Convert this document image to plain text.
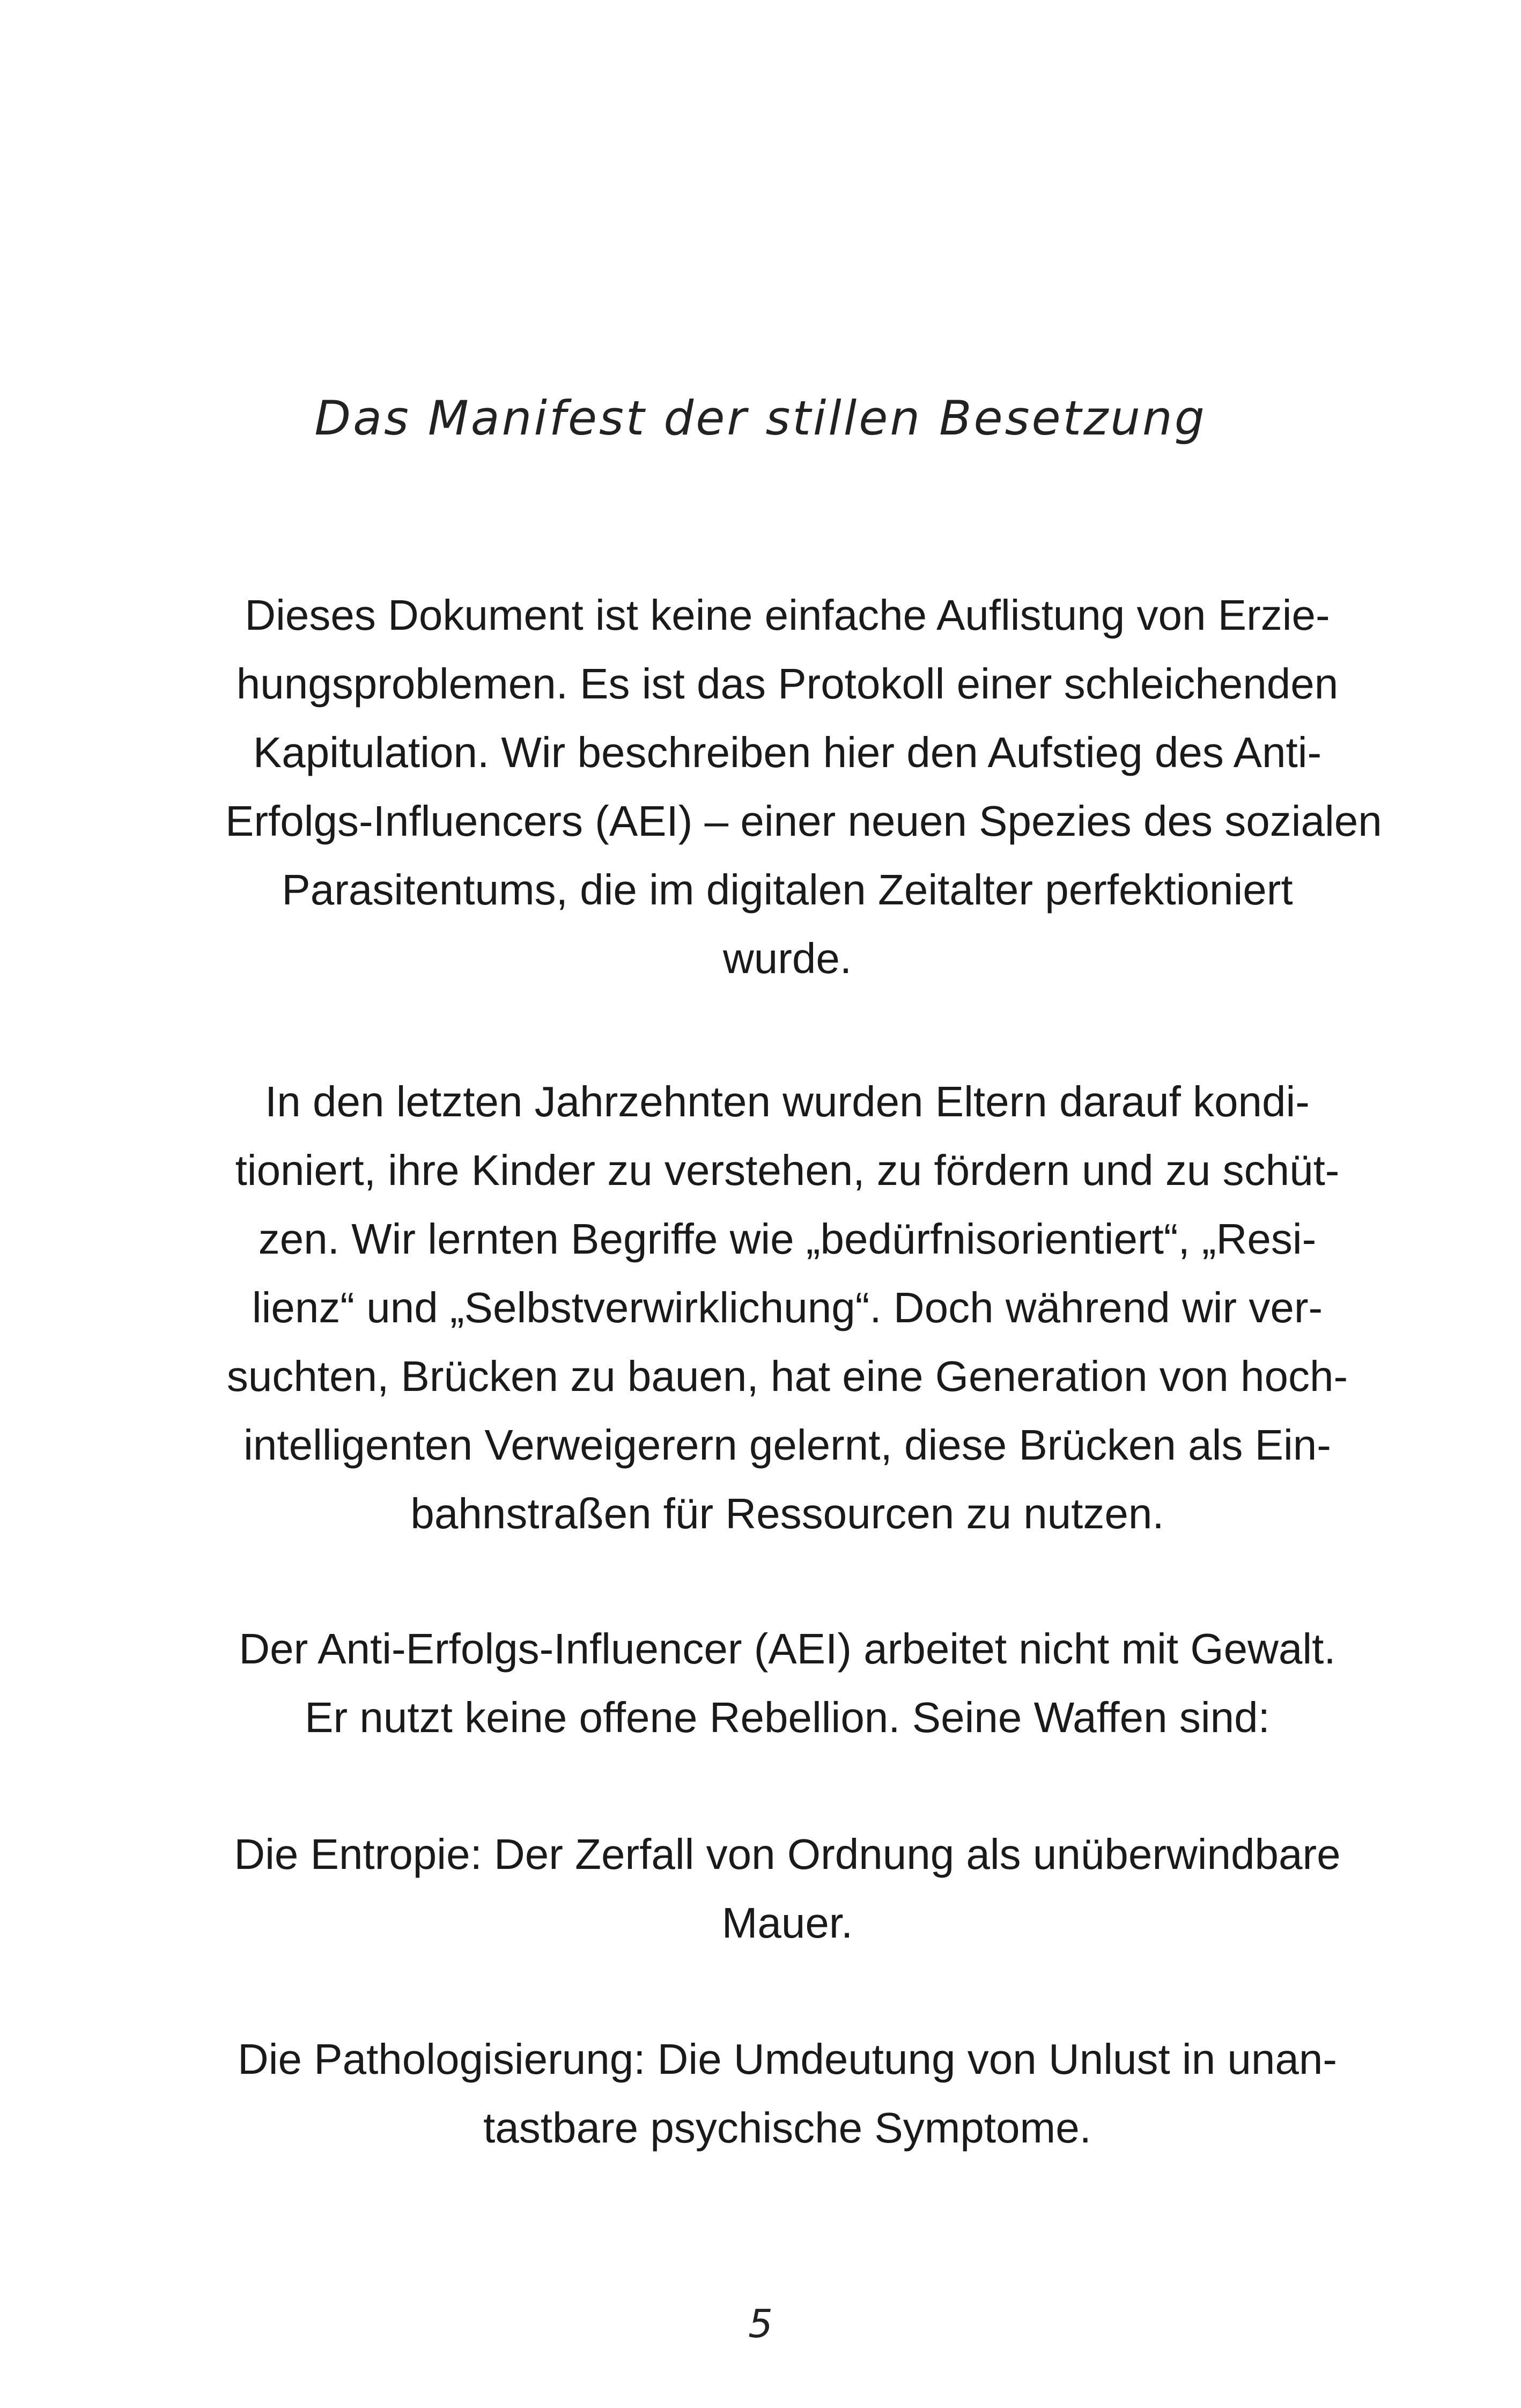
Das Manifest der stillen Besetzung
Dieses Dokument ist keine einfache Auflistung von Erzie-
hungsproblemen. Es ist das Protokoll einer schleichenden
Kapitulation. Wir beschreiben hier den Aufstieg des Anti-
Erfolgs-Influencers (AEI) – einer neuen Spezies des sozialen
Parasitentums, die im digitalen Zeitalter perfektioniert
wurde.
In den letzten Jahrzehnten wurden Eltern darauf kondi-
tioniert, ihre Kinder zu verstehen, zu fördern und zu schüt-
zen. Wir lernten Begriffe wie „bedürfnisorientiert“, „Resi-
lienz“ und „Selbstverwirklichung“. Doch während wir ver-
suchten, Brücken zu bauen, hat eine Generation von hoch-
intelligenten Verweigerern gelernt, diese Brücken als Ein-
bahnstraßen für Ressourcen zu nutzen.
Der Anti-Erfolgs-Influencer (AEI) arbeitet nicht mit Gewalt.
Er nutzt keine offene Rebellion. Seine Waffen sind:
Die Entropie: Der Zerfall von Ordnung als unüberwindbare
Mauer.
Die Pathologisierung: Die Umdeutung von Unlust in unan-
tastbare psychische Symptome.
5
